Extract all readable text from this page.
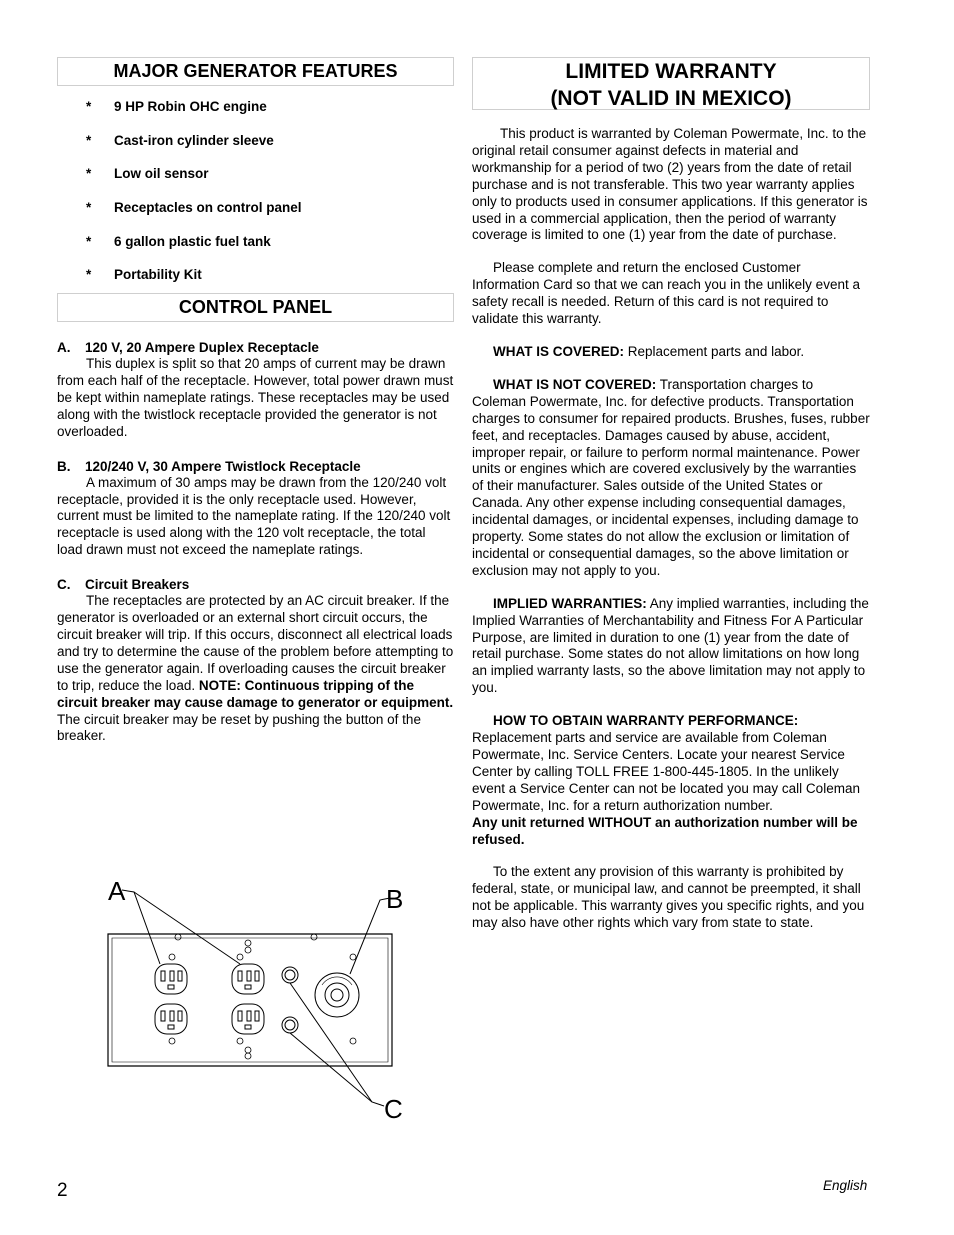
MAJOR GENERATOR FEATURES
* 9 HP Robin OHC engine
* Cast-iron cylinder sleeve
* Low oil sensor
* Receptacles on control panel
* 6 gallon plastic fuel tank
* Portability Kit
CONTROL PANEL

A. 120 V, 20 Ampere Duplex Receptacle

This duplex is split so that 20 amps of current may be drawn from each half of the receptacle. However, total power drawn must be kept within nameplate ratings. These receptacles may be used along with the twistlock receptacle provided the generator is not overloaded.

B. 120/240 V, 30 Ampere Twistlock Receptacle

A maximum of 30 amps may be drawn from the 120/240 volt receptacle, provided it is the only receptacle used. However, current must be limited to the nameplate rating. If the 120/240 volt receptacle is used along with the 120 volt receptacle, the total load drawn must not exceed the nameplate ratings.

C. Circuit Breakers

The receptacles are protected by an AC circuit breaker. If the generator is overloaded or an external short circuit occurs, the circuit breaker will trip. If this occurs, disconnect all electrical loads and try to determine the cause of the problem before attempting to use the generator again. If overloading causes the circuit breaker to trip, reduce the load. NOTE: Continuous tripping of the circuit breaker may cause damage to generator or equipment. The circuit breaker may be reset by pushing the button of the breaker.

A	B
C
LIMITED WARRANTY
(NOT VALID IN MEXICO)

This product is warranted by Coleman Powermate, Inc. to the original retail consumer against defects in material and workmanship for a period of two (2) years from the date of retail purchase and is not transferable. This two year warranty applies only to products used in consumer applications. If this generator is used in a commercial application, then the period of warranty coverage is limited to one (1) year from the date of purchase.

Please complete and return the enclosed Customer Information Card so that we can reach you in the unlikely event a safety recall is needed. Return of this card is not required to validate this warranty.

WHAT IS COVERED: Replacement parts and labor.

WHAT IS NOT COVERED: Transportation charges to Coleman Powermate, Inc. for defective products. Transportation charges to consumer for repaired products. Brushes, fuses, rubber feet, and receptacles. Damages caused by abuse, accident, improper repair, or failure to perform normal maintenance. Power units or engines which are covered exclusively by the warranties of their manufacturer. Sales outside of the United States or Canada. Any other expense including consequential damages, incidental damages, or incidental expenses, including damage to property. Some states do not allow the exclusion or limitation of incidental or consequential damages, so the above limitation or exclusion may not apply to you.

IMPLIED WARRANTIES: Any implied warranties, including the Implied Warranties of Merchantability and Fitness For A Particular Purpose, are limited in duration to one (1) year from the date of retail purchase. Some states do not allow limitations on how long an implied warranty lasts, so the above limitation may not apply to you.

HOW TO OBTAIN WARRANTY PERFORMANCE:
Replacement parts and service are available from Coleman Powermate, Inc. Service Centers. Locate your nearest Service Center by calling TOLL FREE 1-800-445-1805. In the unlikely event a Service Center can not be located you may call Coleman Powermate, Inc. for a return authorization number.
Any unit returned WITHOUT an authorization number will be refused.

To the extent any provision of this warranty is prohibited by federal, state, or municipal law, and cannot be preempted, it shall not be applicable. This warranty gives you specific rights, and you may also have other rights which vary from state to state.

2	English
